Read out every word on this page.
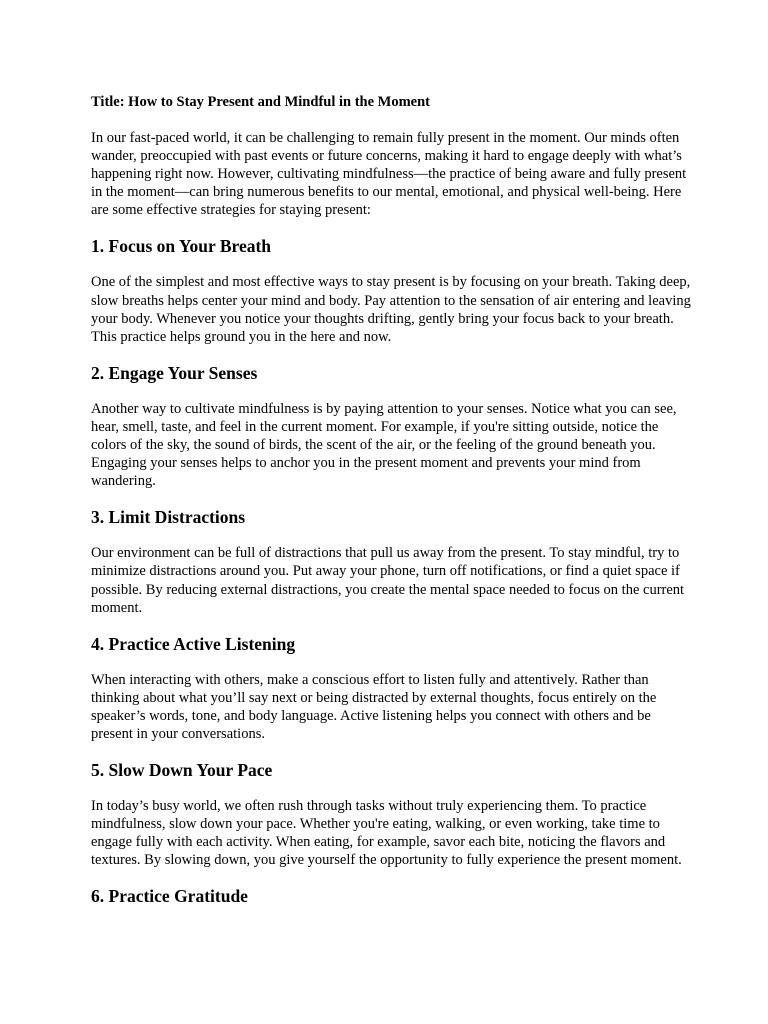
Title: How to Stay Present and Mindful in the Moment

In our fast-paced world, it can be challenging to remain fully present in the moment. Our minds often wander, preoccupied with past events or future concerns, making it hard to engage deeply with what’s happening right now. However, cultivating mindfulness—the practice of being aware and fully present in the moment—can bring numerous benefits to our mental, emotional, and physical well-being. Here are some effective strategies for staying present:

1. Focus on Your Breath

One of the simplest and most effective ways to stay present is by focusing on your breath. Taking deep, slow breaths helps center your mind and body. Pay attention to the sensation of air entering and leaving your body. Whenever you notice your thoughts drifting, gently bring your focus back to your breath. This practice helps ground you in the here and now.

2. Engage Your Senses

Another way to cultivate mindfulness is by paying attention to your senses. Notice what you can see, hear, smell, taste, and feel in the current moment. For example, if you're sitting outside, notice the colors of the sky, the sound of birds, the scent of the air, or the feeling of the ground beneath you. Engaging your senses helps to anchor you in the present moment and prevents your mind from wandering.

3. Limit Distractions

Our environment can be full of distractions that pull us away from the present. To stay mindful, try to minimize distractions around you. Put away your phone, turn off notifications, or find a quiet space if possible. By reducing external distractions, you create the mental space needed to focus on the current moment.

4. Practice Active Listening

When interacting with others, make a conscious effort to listen fully and attentively. Rather than thinking about what you’ll say next or being distracted by external thoughts, focus entirely on the speaker’s words, tone, and body language. Active listening helps you connect with others and be present in your conversations.

5. Slow Down Your Pace

In today’s busy world, we often rush through tasks without truly experiencing them. To practice mindfulness, slow down your pace. Whether you're eating, walking, or even working, take time to engage fully with each activity. When eating, for example, savor each bite, noticing the flavors and textures. By slowing down, you give yourself the opportunity to fully experience the present moment.

6. Practice Gratitude
